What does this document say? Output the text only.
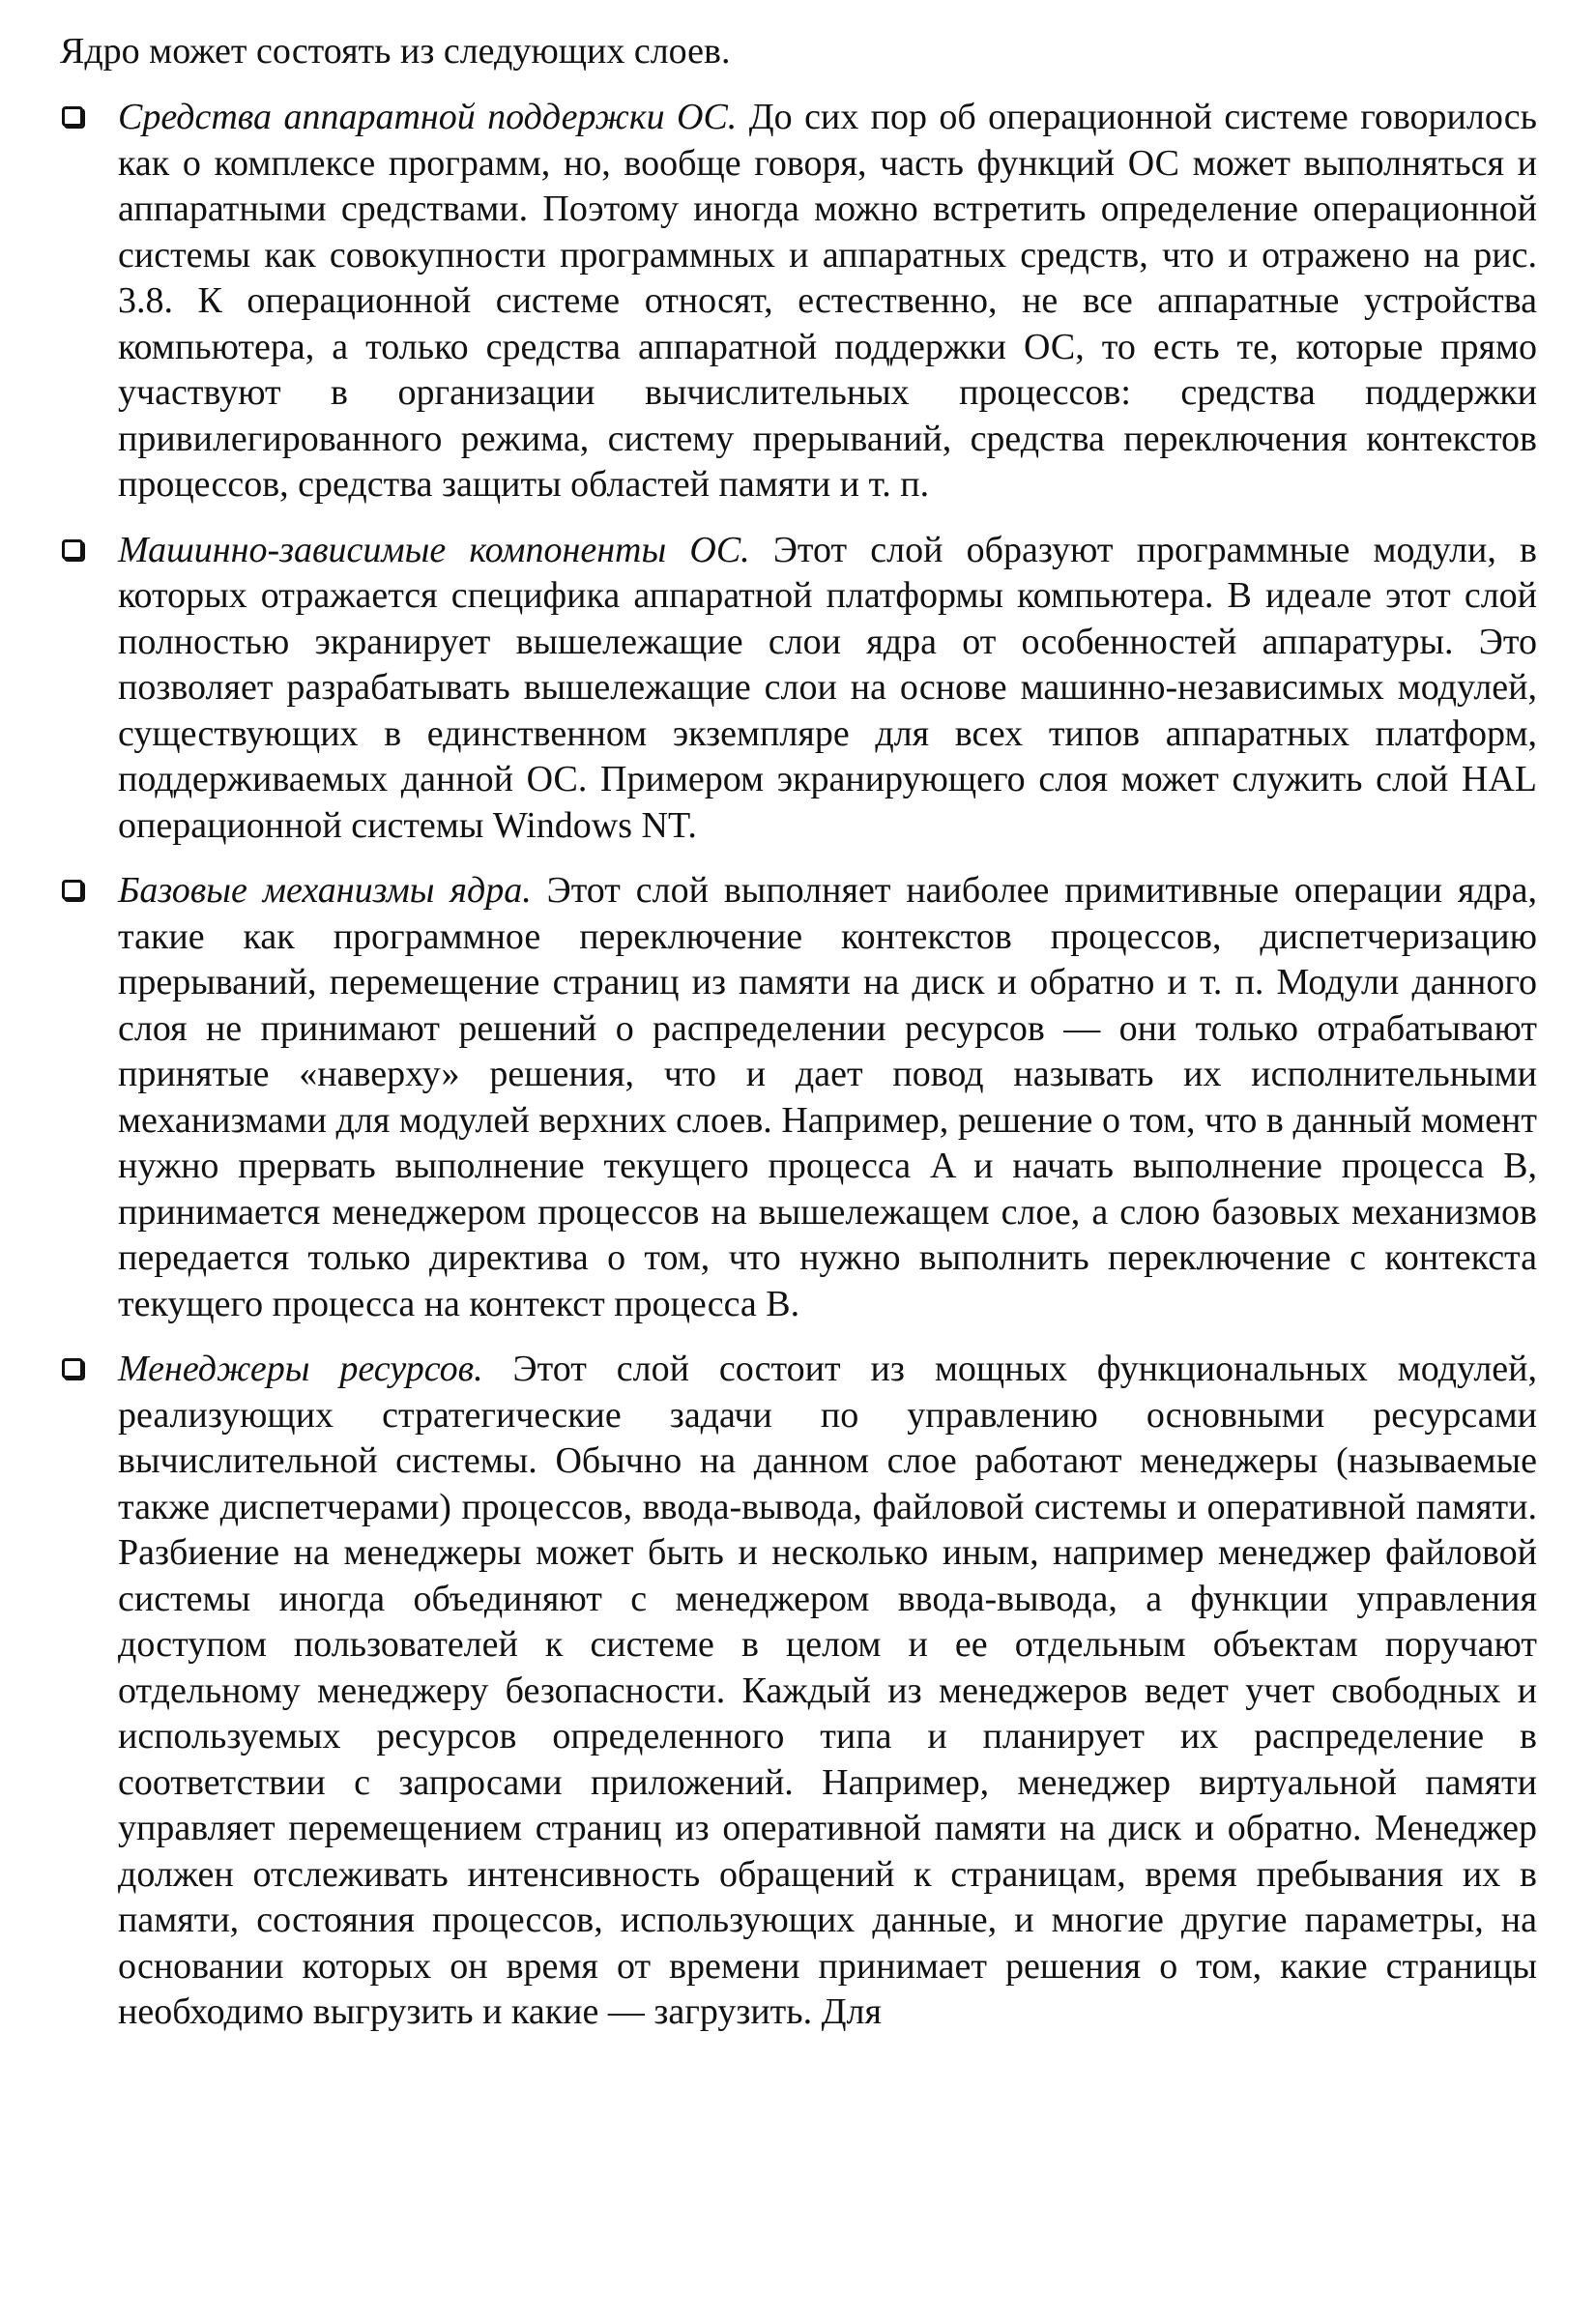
Ядро может состоять из следующих слоев.

Средства аппаратной поддержки ОС. До сих пор об операционной системе говорилось как о комплексе программ, но, вообще говоря, часть функций ОС может выполняться и аппаратными средствами. Поэтому иногда можно встретить определение операционной системы как совокупности программных и аппаратных средств, что и отражено на рис. 3.8. К операционной системе относят, естественно, не все аппаратные устройства компьютера, а только средства аппаратной поддержки ОС, то есть те, которые прямо участвуют в организации вычислительных процессов: средства поддержки привилегированного режима, систему прерываний, средства переключения контекстов процессов, средства защиты областей памяти и т. п.

Машинно-зависимые компоненты ОС. Этот слой образуют программные модули, в которых отражается специфика аппаратной платформы компьютера. В идеале этот слой полностью экранирует вышележащие слои ядра от особенностей аппаратуры. Это позволяет разрабатывать вышележащие слои на основе машинно-независимых модулей, существующих в единственном экземпляре для всех типов аппаратных платформ, поддерживаемых данной ОС. Примером экранирующего слоя может служить слой HAL операционной системы Windows NT.

Базовые механизмы ядра. Этот слой выполняет наиболее примитивные операции ядра, такие как программное переключение контекстов процессов, диспетчеризацию прерываний, перемещение страниц из памяти на диск и обратно и т. п. Модули данного слоя не принимают решений о распределении ресурсов — они только отрабатывают принятые «наверху» решения, что и дает повод называть их исполнительными механизмами для модулей верхних слоев. Например, решение о том, что в данный момент нужно прервать выполнение текущего процесса A и начать выполнение процесса B, принимается менеджером процессов на вышележащем слое, а слою базовых механизмов передается только директива о том, что нужно выполнить переключение с контекста текущего процесса на контекст процесса B.

Менеджеры ресурсов. Этот слой состоит из мощных функциональных модулей, реализующих стратегические задачи по управлению основными ресурсами вычислительной системы. Обычно на данном слое работают менеджеры (называемые также диспетчерами) процессов, ввода-вывода, файловой системы и оперативной памяти. Разбиение на менеджеры может быть и несколько иным, например менеджер файловой системы иногда объединяют с менеджером ввода-вывода, а функции управления доступом пользователей к системе в целом и ее отдельным объектам поручают отдельному менеджеру безопасности. Каждый из менеджеров ведет учет свободных и используемых ресурсов определенного типа и планирует их распределение в соответствии с запросами приложений. Например, менеджер виртуальной памяти управляет перемещением страниц из оперативной памяти на диск и обратно. Менеджер должен отслеживать интенсивность обращений к страницам, время пребывания их в памяти, состояния процессов, использующих данные, и многие другие параметры, на основании которых он время от времени принимает решения о том, какие страницы необходимо выгрузить и какие — загрузить. Для
